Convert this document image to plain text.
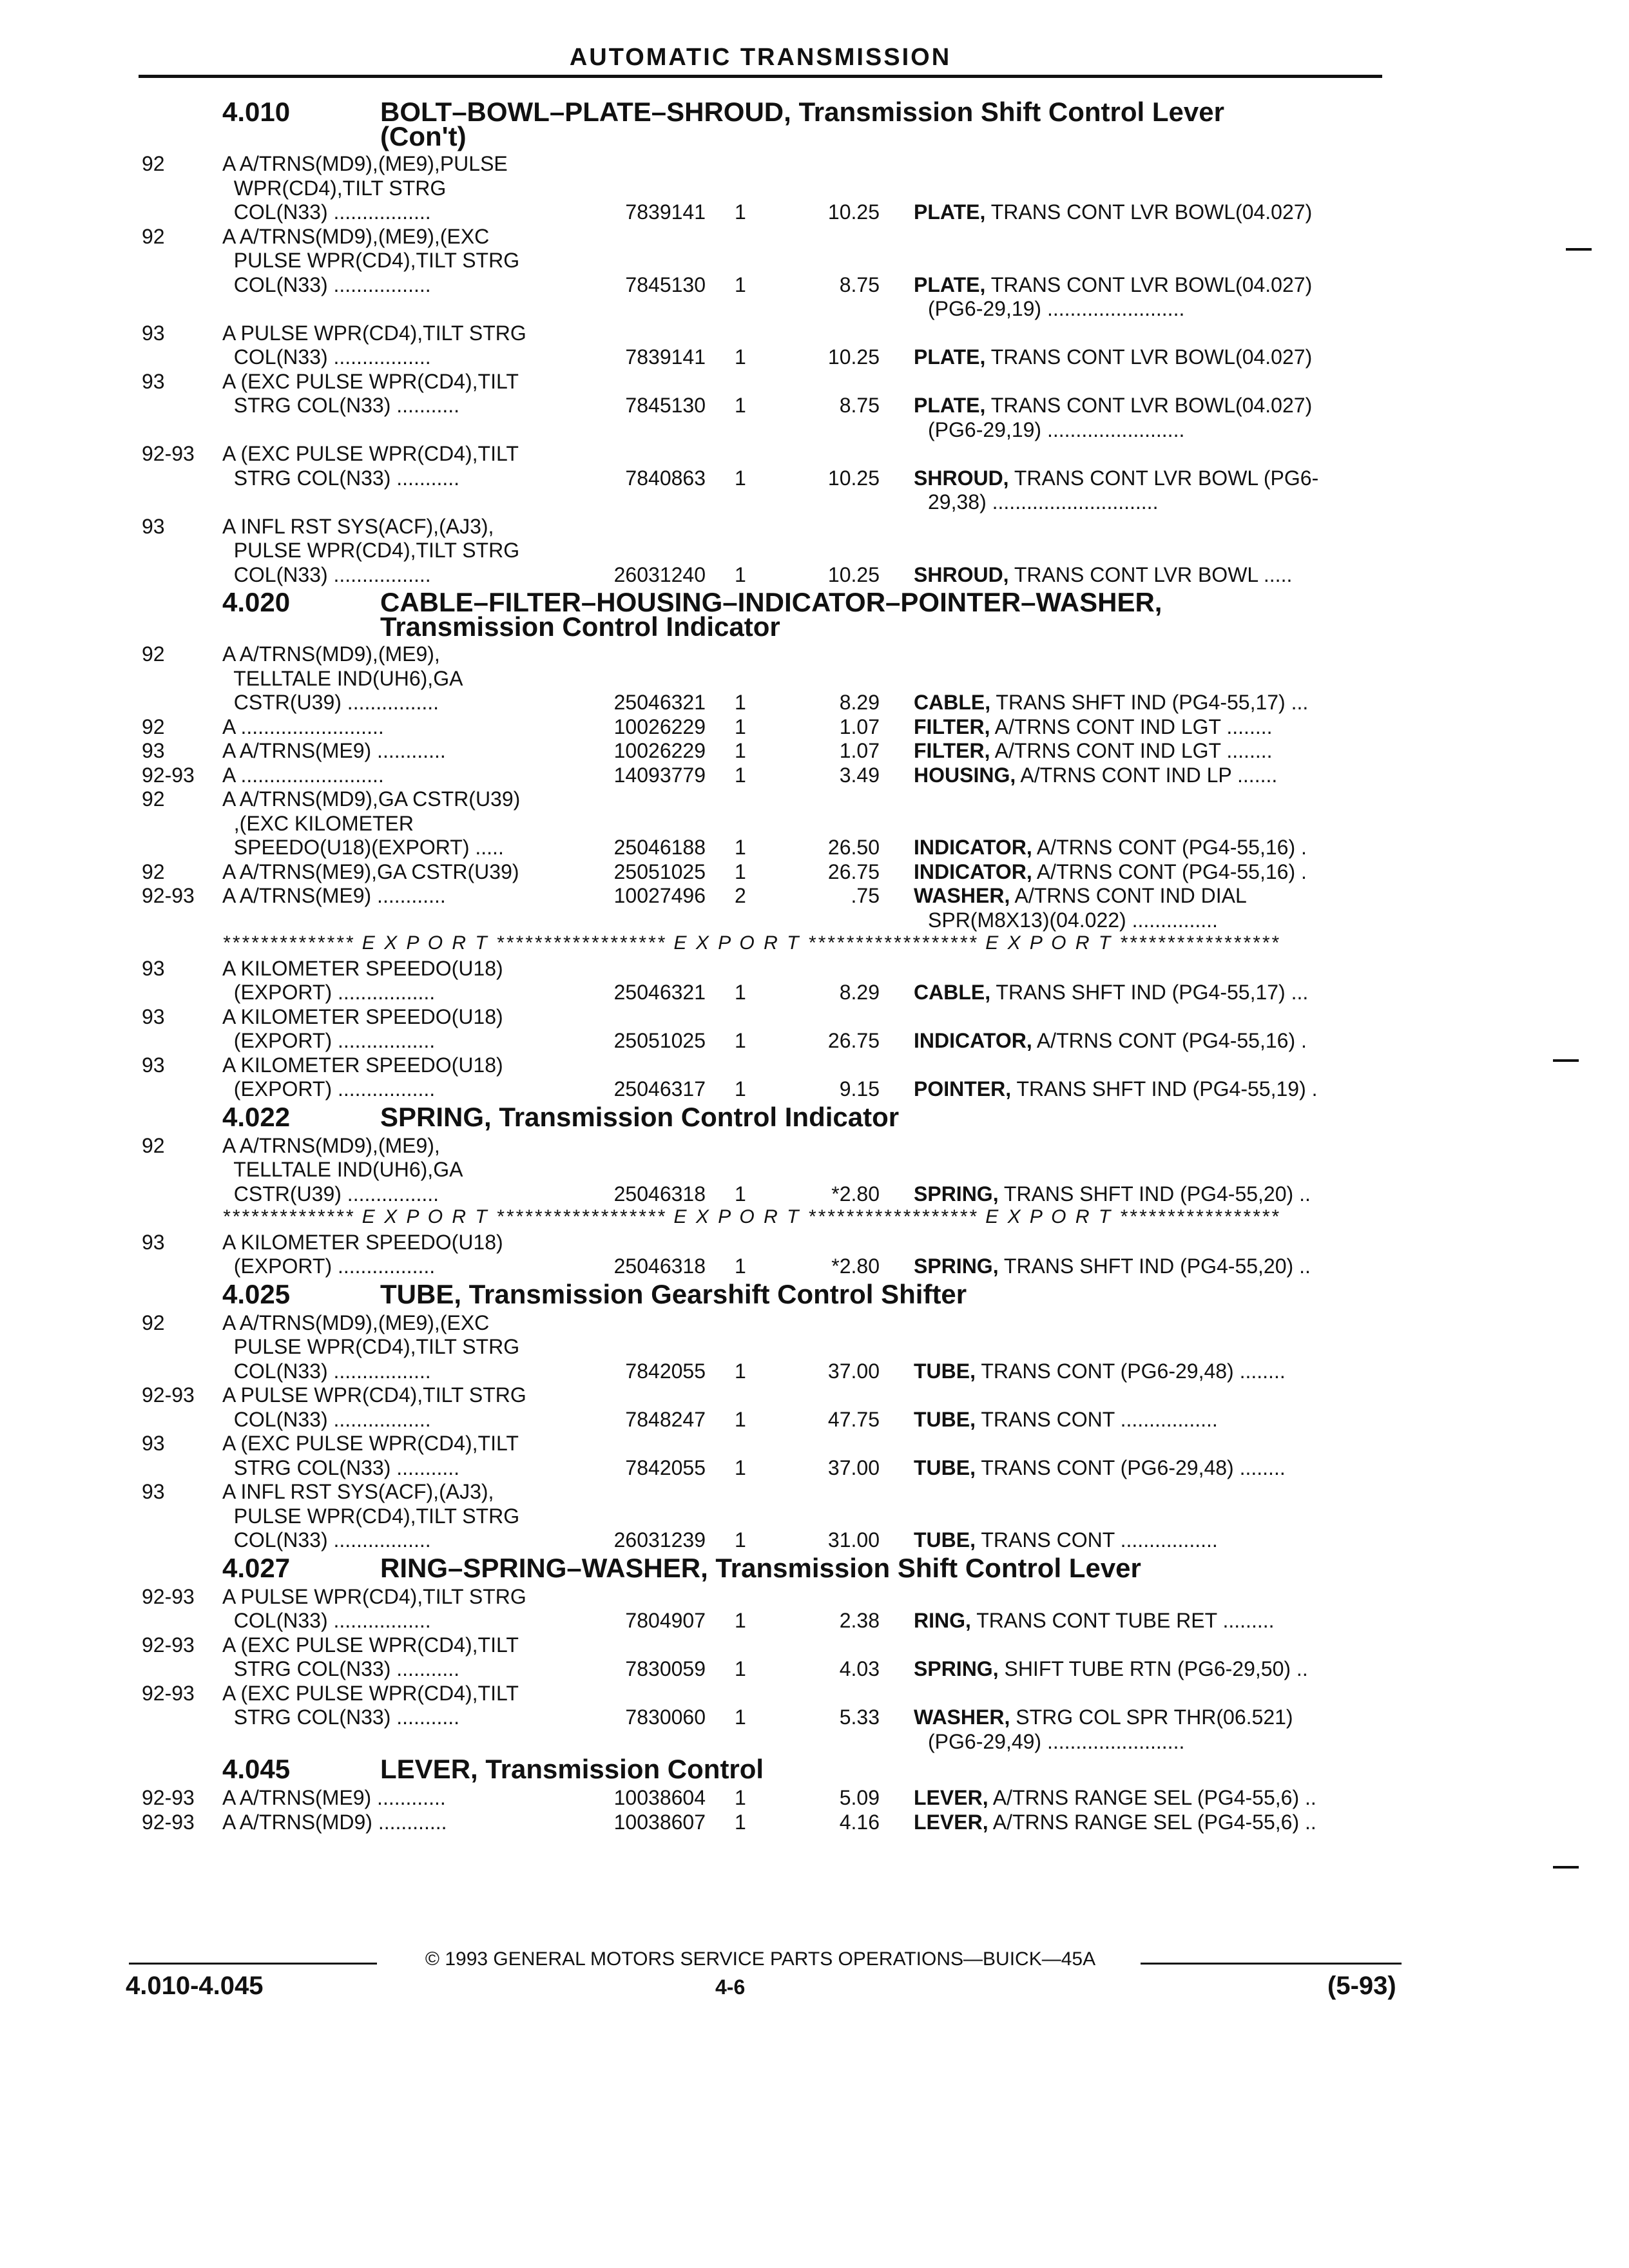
AUTOMATIC TRANSMISSION
4.010	BOLT–BOWL–PLATE–SHROUD, Transmission Shift Control Lever
(Con't)
92	A A/TRNS(MD9),(ME9),PULSE
WPR(CD4),TILT STRG
COL(N33) .................	7839141 1	10.25 PLATE, TRANS CONT LVR BOWL(04.027)
92	A A/TRNS(MD9),(ME9),(EXC
PULSE WPR(CD4),TILT STRG
COL(N33) .................	7845130 1	8.75 PLATE, TRANS CONT LVR BOWL(04.027)
(PG6-29,19) ........................
93	A PULSE WPR(CD4),TILT STRG
COL(N33) .................	7839141 1	10.25 PLATE, TRANS CONT LVR BOWL(04.027)
93	A (EXC PULSE WPR(CD4),TILT
STRG COL(N33) ...........	7845130 1	8.75 PLATE, TRANS CONT LVR BOWL(04.027)
(PG6-29,19) ........................
92-93 A (EXC PULSE WPR(CD4),TILT
STRG COL(N33) ...........	7840863 1	10.25 SHROUD, TRANS CONT LVR BOWL (PG6-
29,38) .............................
93	A INFL RST SYS(ACF),(AJ3),
PULSE WPR(CD4),TILT STRG
COL(N33) .................	26031240 1	10.25 SHROUD, TRANS CONT LVR BOWL .....
4.020	CABLE–FILTER–HOUSING–INDICATOR–POINTER–WASHER,
Transmission Control Indicator
92	A A/TRNS(MD9),(ME9),
TELLTALE IND(UH6),GA
CSTR(U39) ................	25046321 1	8.29 CABLE, TRANS SHFT IND (PG4-55,17) ...
92	A .........................	10026229 1	1.07 FILTER, A/TRNS CONT IND LGT ........
93	A A/TRNS(ME9) ............	10026229 1	1.07 FILTER, A/TRNS CONT IND LGT ........
92-93 A .........................	14093779 1	3.49 HOUSING, A/TRNS CONT IND LP .......
92	A A/TRNS(MD9),GA CSTR(U39)
,(EXC KILOMETER
SPEEDO(U18)(EXPORT) .....	25046188 1	26.50 INDICATOR, A/TRNS CONT (PG4-55,16) .
92	A A/TRNS(ME9),GA CSTR(U39)	25051025 1	26.75 INDICATOR, A/TRNS CONT (PG4-55,16) .
92-93 A A/TRNS(ME9) ............	10027496 2	.75 WASHER, A/TRNS CONT IND DIAL
SPR(M8X13)(04.022) ...............
************** E X P O R T ****************** E X P O R T ****************** E X P O R T *****************
93	A KILOMETER SPEEDO(U18)
(EXPORT) .................	25046321 1	8.29 CABLE, TRANS SHFT IND (PG4-55,17) ...
93	A KILOMETER SPEEDO(U18)
(EXPORT) .................	25051025 1	26.75 INDICATOR, A/TRNS CONT (PG4-55,16) .
93	A KILOMETER SPEEDO(U18)
(EXPORT) .................	25046317 1	9.15 POINTER, TRANS SHFT IND (PG4-55,19) .
4.022	SPRING, Transmission Control Indicator
92	A A/TRNS(MD9),(ME9),
TELLTALE IND(UH6),GA
CSTR(U39) ................	25046318 1	*2.80 SPRING, TRANS SHFT IND (PG4-55,20) ..
************** E X P O R T ****************** E X P O R T ****************** E X P O R T *****************
93	A KILOMETER SPEEDO(U18)
(EXPORT) .................	25046318 1	*2.80 SPRING, TRANS SHFT IND (PG4-55,20) ..
4.025	TUBE, Transmission Gearshift Control Shifter
92	A A/TRNS(MD9),(ME9),(EXC
PULSE WPR(CD4),TILT STRG
COL(N33) .................	7842055 1	37.00 TUBE, TRANS CONT (PG6-29,48) ........
92-93 A PULSE WPR(CD4),TILT STRG
COL(N33) .................	7848247 1	47.75 TUBE, TRANS CONT .................
93	A (EXC PULSE WPR(CD4),TILT
STRG COL(N33) ...........	7842055 1	37.00 TUBE, TRANS CONT (PG6-29,48) ........
93	A INFL RST SYS(ACF),(AJ3),
PULSE WPR(CD4),TILT STRG
COL(N33) .................	26031239 1	31.00 TUBE, TRANS CONT .................
4.027	RING–SPRING–WASHER, Transmission Shift Control Lever
92-93 A PULSE WPR(CD4),TILT STRG
COL(N33) .................	7804907 1	2.38 RING, TRANS CONT TUBE RET .........
92-93 A (EXC PULSE WPR(CD4),TILT
STRG COL(N33) ...........	7830059 1	4.03 SPRING, SHIFT TUBE RTN (PG6-29,50) ..
92-93 A (EXC PULSE WPR(CD4),TILT
STRG COL(N33) ...........	7830060 1	5.33 WASHER, STRG COL SPR THR(06.521)
(PG6-29,49) ........................
4.045	LEVER, Transmission Control
92-93 A A/TRNS(ME9) ............	10038604 1	5.09 LEVER, A/TRNS RANGE SEL (PG4-55,6) ..
92-93 A A/TRNS(MD9) ............	10038607 1	4.16 LEVER, A/TRNS RANGE SEL (PG4-55,6) ..
© 1993 GENERAL MOTORS SERVICE PARTS OPERATIONS—BUICK—45A
4.010-4.045	4-6	(5-93)
